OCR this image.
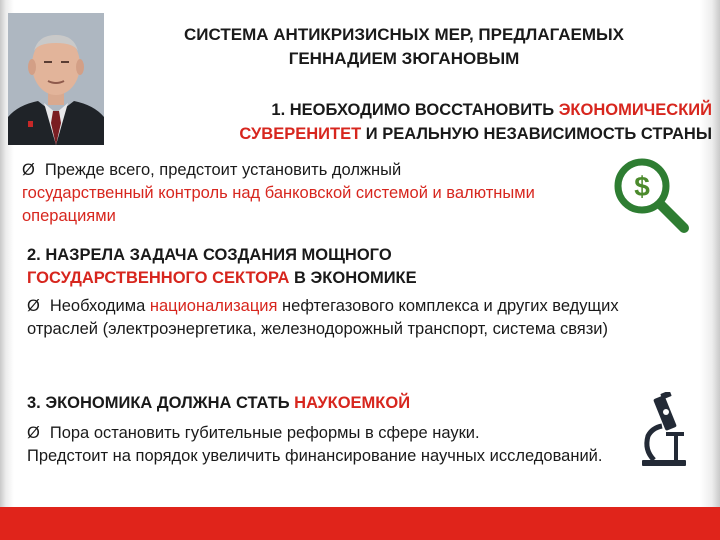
СИСТЕМА АНТИКРИЗИСНЫХ МЕР, ПРЕДЛАГАЕМЫХ
ГЕННАДИЕМ ЗЮГАНОВЫМ
1. НЕОБХОДИМО ВОССТАНОВИТЬ ЭКОНОМИЧЕСКИЙ
СУВЕРЕНИТЕТ И РЕАЛЬНУЮ НЕЗАВИСИМОСТЬ СТРАНЫ
Ø Прежде всего, предстоит установить должный
государственный контроль над банковской системой и валютными операциями
$
2. НАЗРЕЛА ЗАДАЧА СОЗДАНИЯ МОЩНОГО
ГОСУДАРСТВЕННОГО СЕКТОРА В ЭКОНОМИКЕ
Ø Необходима национализация нефтегазового комплекса и других ведущих отраслей (электроэнергетика, железнодорожный транспорт, система связи)
3. ЭКОНОМИКА ДОЛЖНА СТАТЬ НАУКОЕМКОЙ
Ø Пора остановить губительные реформы в сфере науки.
Предстоит на порядок увеличить финансирование научных исследований.
